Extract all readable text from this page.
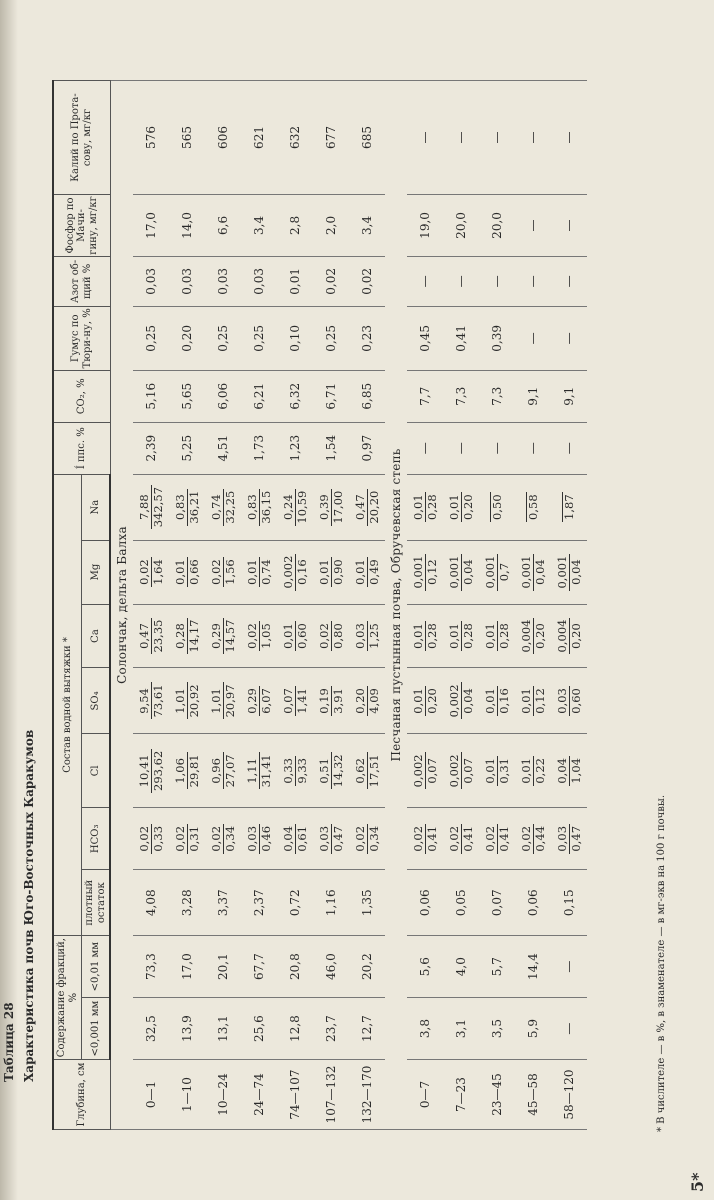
Таблица 28 Характеристика почв Юго-Восточных Каракумов
Глубина, см	Содержание фракций, %		Состав водной вытяжки *							Í ппс. %	CO₂, %	Гумус по Тюри-ну, %	Азот об-щий %	Фосфор по Мачи-гину, мг/кг	Калий по Прота-сову, мг/кг
	<0,001 мм	<0,01 мм	плотный остаток	HCO₃	Cl	SO₄	Ca	Mg	Na						
Солончак, дельта Балха															
0—1	32,5	73,3	4,08	0,02 0,33	10,41 293,62	9,54 73,61	0,47 23,35	0,02 1,64	7,88 342,57	2,39	5,16	0,25	0,03	17,0	576
1—10	13,9	17,0	3,28	0,02 0,31	1,06 29,81	1,01 20,92	0,28 14,17	0,01 0,66	0,83 36,21	5,25	5,65	0,20	0,03	14,0	565
10—24	13,1	20,1	3,37	0,02 0,34	0,96 27,07	1,01 20,97	0,29 14,57	0,02 1,56	0,74 32,25	4,51	6,06	0,25	0,03	6,6	606
24—74	25,6	67,7	2,37	0,03 0,46	1,11 31,41	0,29 6,07	0,02 1,05	0,01 0,74	0,83 36,15	1,73	6,21	0,25	0,03	3,4	621
74—107	12,8	20,8	0,72	0,04 0,61	0,33 9,33	0,07 1,41	0,01 0,60	0,002 0,16	0,24 10,59	1,23	6,32	0,10	0,01	2,8	632
107—132	23,7	46,0	1,16	0,03 0,47	0,51 14,32	0,19 3,91	0,02 0,80	0,01 0,90	0,39 17,00	1,54	6,71	0,25	0,02	2,0	677
132—170	12,7	20,2	1,35	0,02 0,34	0,62 17,51	0,20 4,09	0,03 1,25	0,01 0,49	0,47 20,20	0,97	6,85	0,23	0,02	3,4	685
Песчаная пустынная почва, Обручевская степь															
0—7	3,8	5,6	0,06	0,02 0,41	0,002 0,07	0,01 0,20	0,01 0,28	0,001 0,12	0,01 0,28	—	7,7	0,45	—	19,0	—
7—23	3,1	4,0	0,05	0,02 0,41	0,002 0,07	0,002 0,04	0,01 0,28	0,001 0,04	0,01 0,20	—	7,3	0,41	—	20,0	—
23—45	3,5	5,7	0,07	0,02 0,41	0,01 0,31	0,01 0,16	0,01 0,28	0,001 0,7	0,50	—	7,3	0,39	—	20,0	—
45—58	5,9	14,4	0,06	0,02 0,44	0,01 0,22	0,01 0,12	0,004 0,20	0,001 0,04	0,58	—	9,1	—	—	—	—
58—120	—	—	0,15	0,03 0,47	0,04 1,04	0,03 0,60	0,004 0,20	0,001 0,04	1,87	—	9,1	—	—	—	—
* В числителе — в %, в знаменателе — в мг-экв на 100 г почвы.
5*
